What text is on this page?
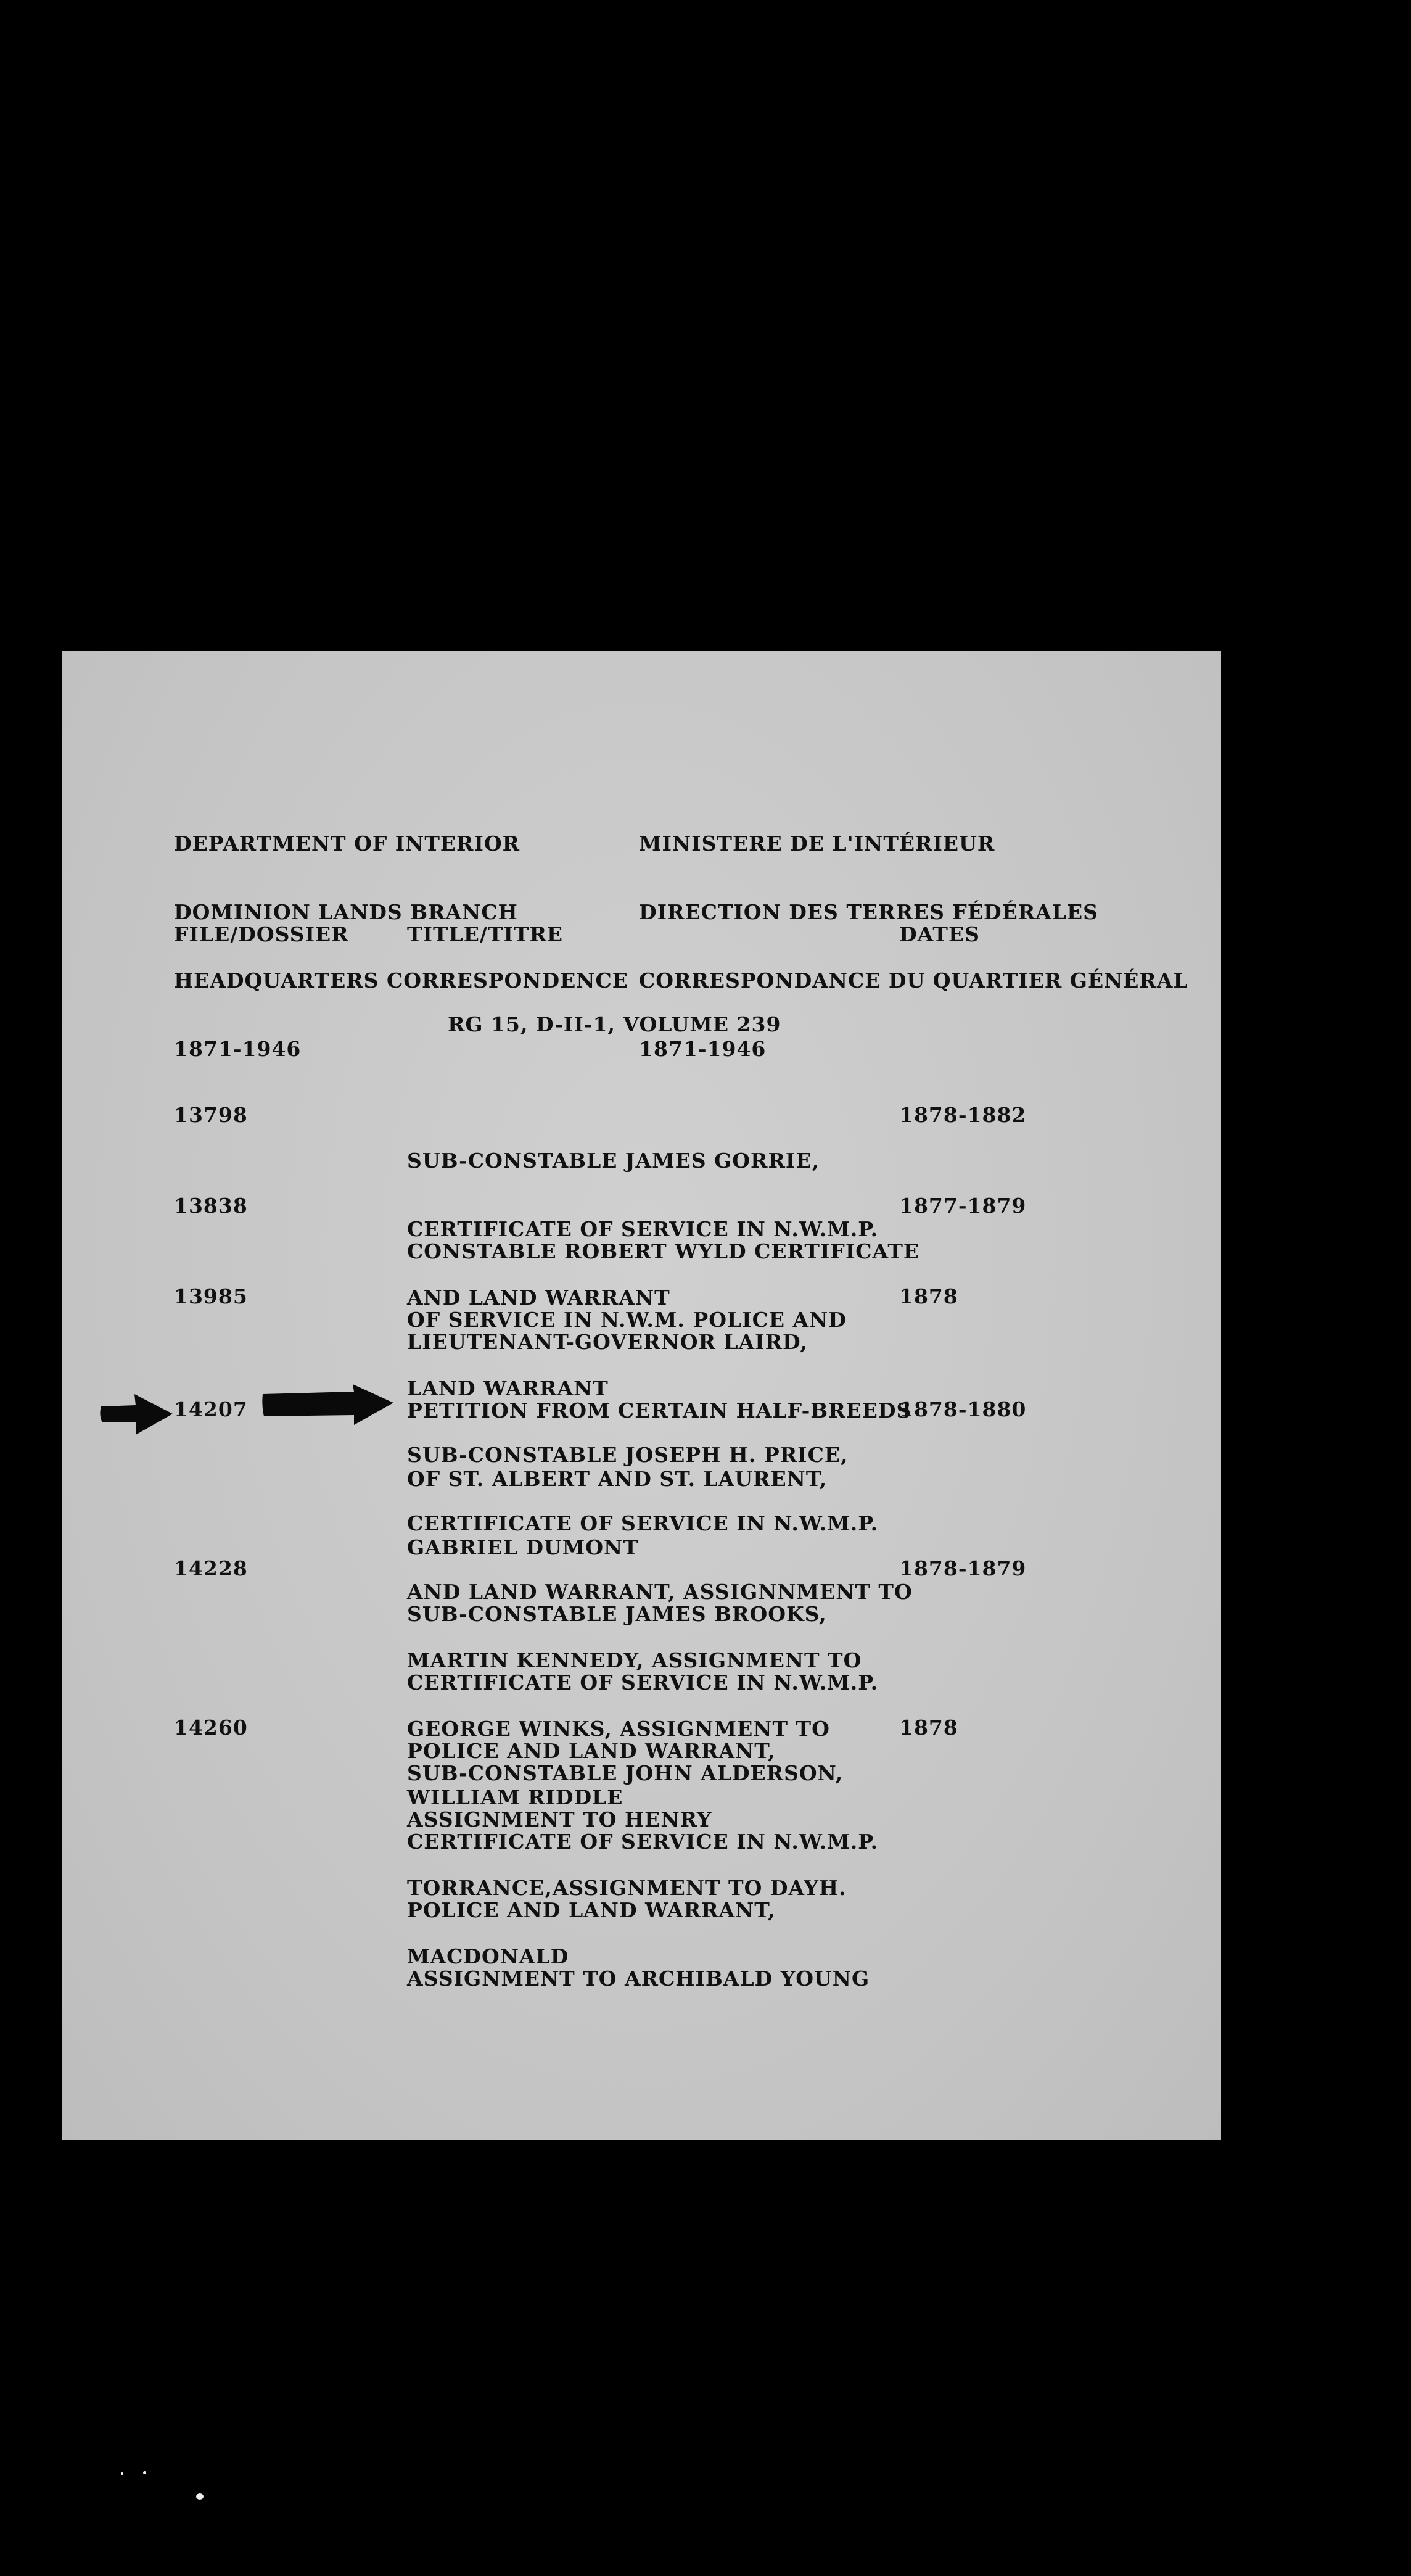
DEPARTMENT OF INTERIOR

DOMINION LANDS BRANCH

HEADQUARTERS CORRESPONDENCE

1871-1946

MINISTERE DE L'INTÉRIEUR

DIRECTION DES TERRES FÉDÉRALES

CORRESPONDANCE DU QUARTIER GÉNÉRAL

1871-1946

FILE/DOSSIER	TITLE/TITRE	DATES
RG 15, D-II-1, VOLUME 239
13798

SUB-CONSTABLE JAMES GORRIE,

CERTIFICATE OF SERVICE IN N.W.M.P.

AND LAND WARRANT

1878-1882
13838

CONSTABLE ROBERT WYLD CERTIFICATE

OF SERVICE IN N.W.M. POLICE AND

LAND WARRANT

1877-1879
13985

LIEUTENANT-GOVERNOR LAIRD,

PETITION FROM CERTAIN HALF-BREEDS

OF ST. ALBERT AND ST. LAURENT,

GABRIEL DUMONT

1878
14207

SUB-CONSTABLE JOSEPH H. PRICE,

CERTIFICATE OF SERVICE IN N.W.M.P.

AND LAND WARRANT, ASSIGNNMENT TO

MARTIN KENNEDY, ASSIGNMENT TO

GEORGE WINKS, ASSIGNMENT TO

WILLIAM RIDDLE

1878-1880
14228

SUB-CONSTABLE JAMES BROOKS,

CERTIFICATE OF SERVICE IN N.W.M.P.

POLICE AND LAND WARRANT,

ASSIGNMENT TO HENRY

TORRANCE,ASSIGNMENT TO DAYH.

MACDONALD

1878-1879
14260

SUB-CONSTABLE JOHN ALDERSON,

CERTIFICATE OF SERVICE IN N.W.M.P.

POLICE AND LAND WARRANT,

ASSIGNMENT TO ARCHIBALD YOUNG

1878
